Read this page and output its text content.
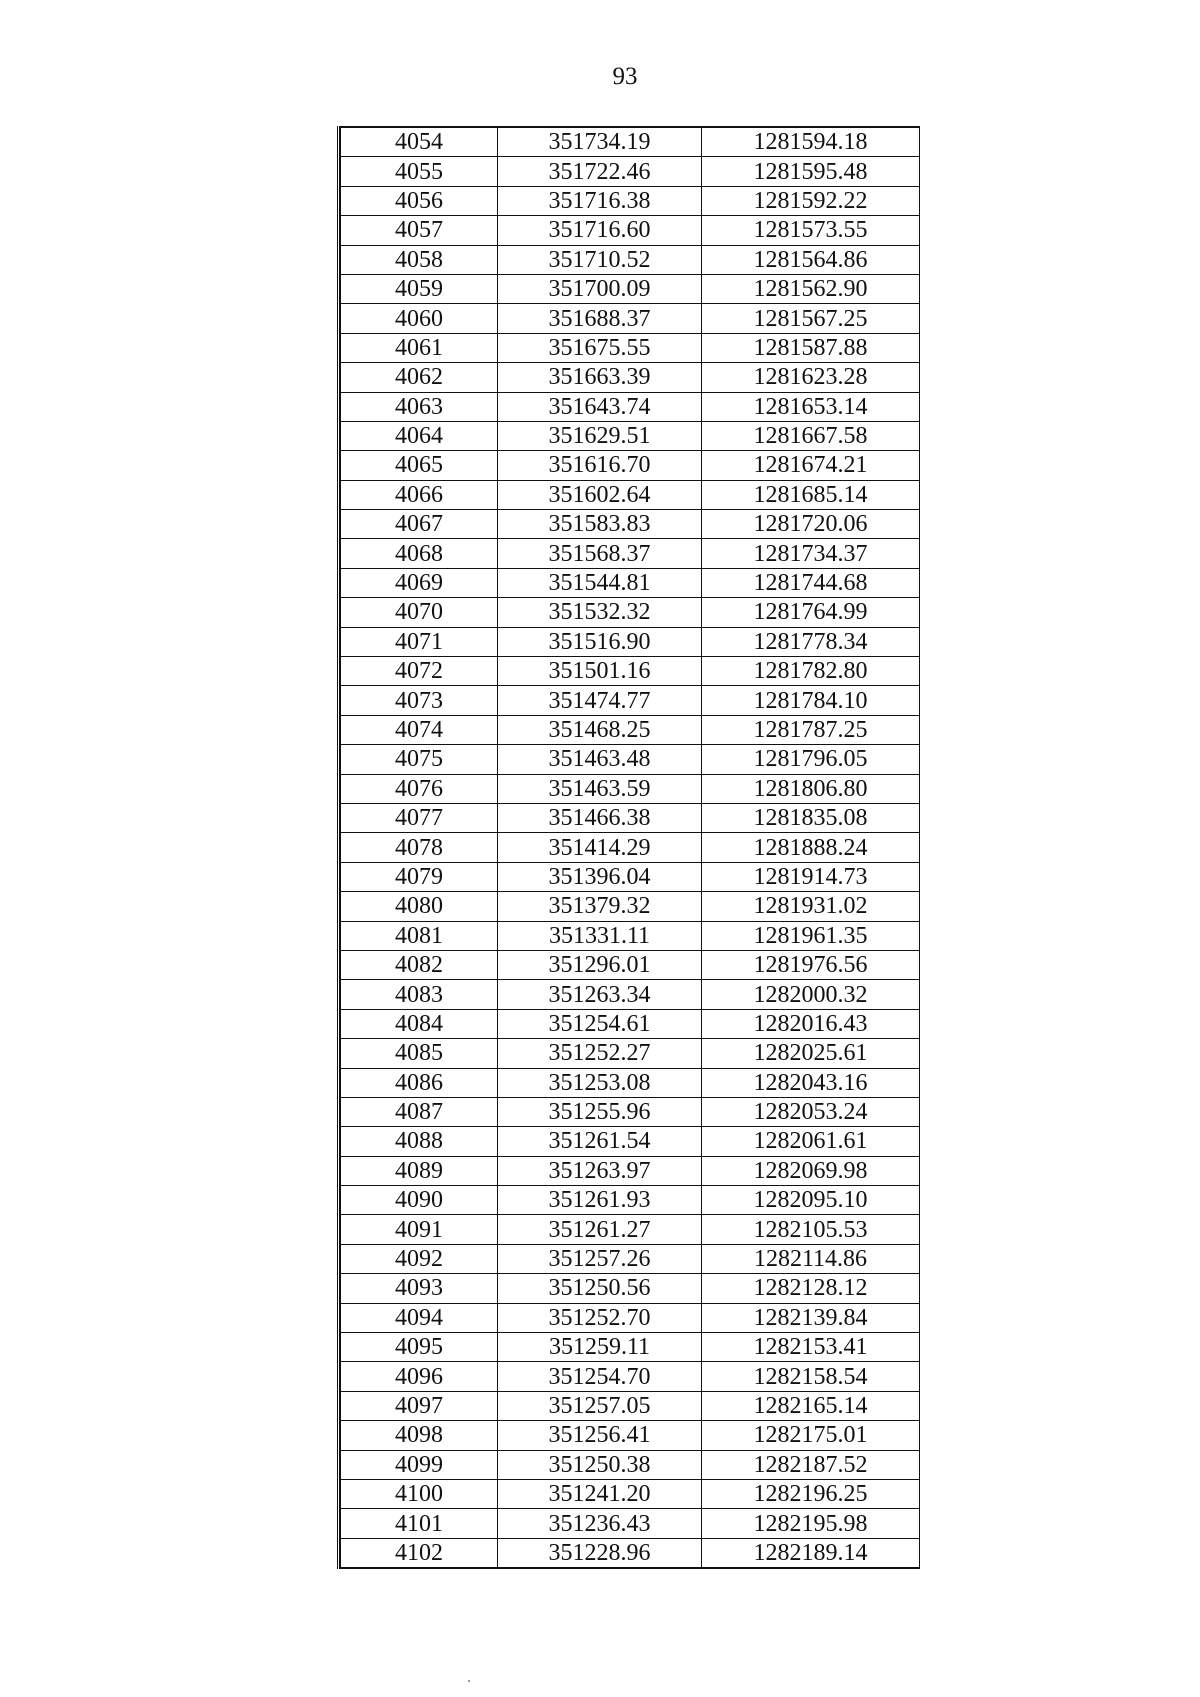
93
4054	351734.19	1281594.18
4055	351722.46	1281595.48
4056	351716.38	1281592.22
4057	351716.60	1281573.55
4058	351710.52	1281564.86
4059	351700.09	1281562.90
4060	351688.37	1281567.25
4061	351675.55	1281587.88
4062	351663.39	1281623.28
4063	351643.74	1281653.14
4064	351629.51	1281667.58
4065	351616.70	1281674.21
4066	351602.64	1281685.14
4067	351583.83	1281720.06
4068	351568.37	1281734.37
4069	351544.81	1281744.68
4070	351532.32	1281764.99
4071	351516.90	1281778.34
4072	351501.16	1281782.80
4073	351474.77	1281784.10
4074	351468.25	1281787.25
4075	351463.48	1281796.05
4076	351463.59	1281806.80
4077	351466.38	1281835.08
4078	351414.29	1281888.24
4079	351396.04	1281914.73
4080	351379.32	1281931.02
4081	351331.11	1281961.35
4082	351296.01	1281976.56
4083	351263.34	1282000.32
4084	351254.61	1282016.43
4085	351252.27	1282025.61
4086	351253.08	1282043.16
4087	351255.96	1282053.24
4088	351261.54	1282061.61
4089	351263.97	1282069.98
4090	351261.93	1282095.10
4091	351261.27	1282105.53
4092	351257.26	1282114.86
4093	351250.56	1282128.12
4094	351252.70	1282139.84
4095	351259.11	1282153.41
4096	351254.70	1282158.54
4097	351257.05	1282165.14
4098	351256.41	1282175.01
4099	351250.38	1282187.52
4100	351241.20	1282196.25
4101	351236.43	1282195.98
4102	351228.96	1282189.14
